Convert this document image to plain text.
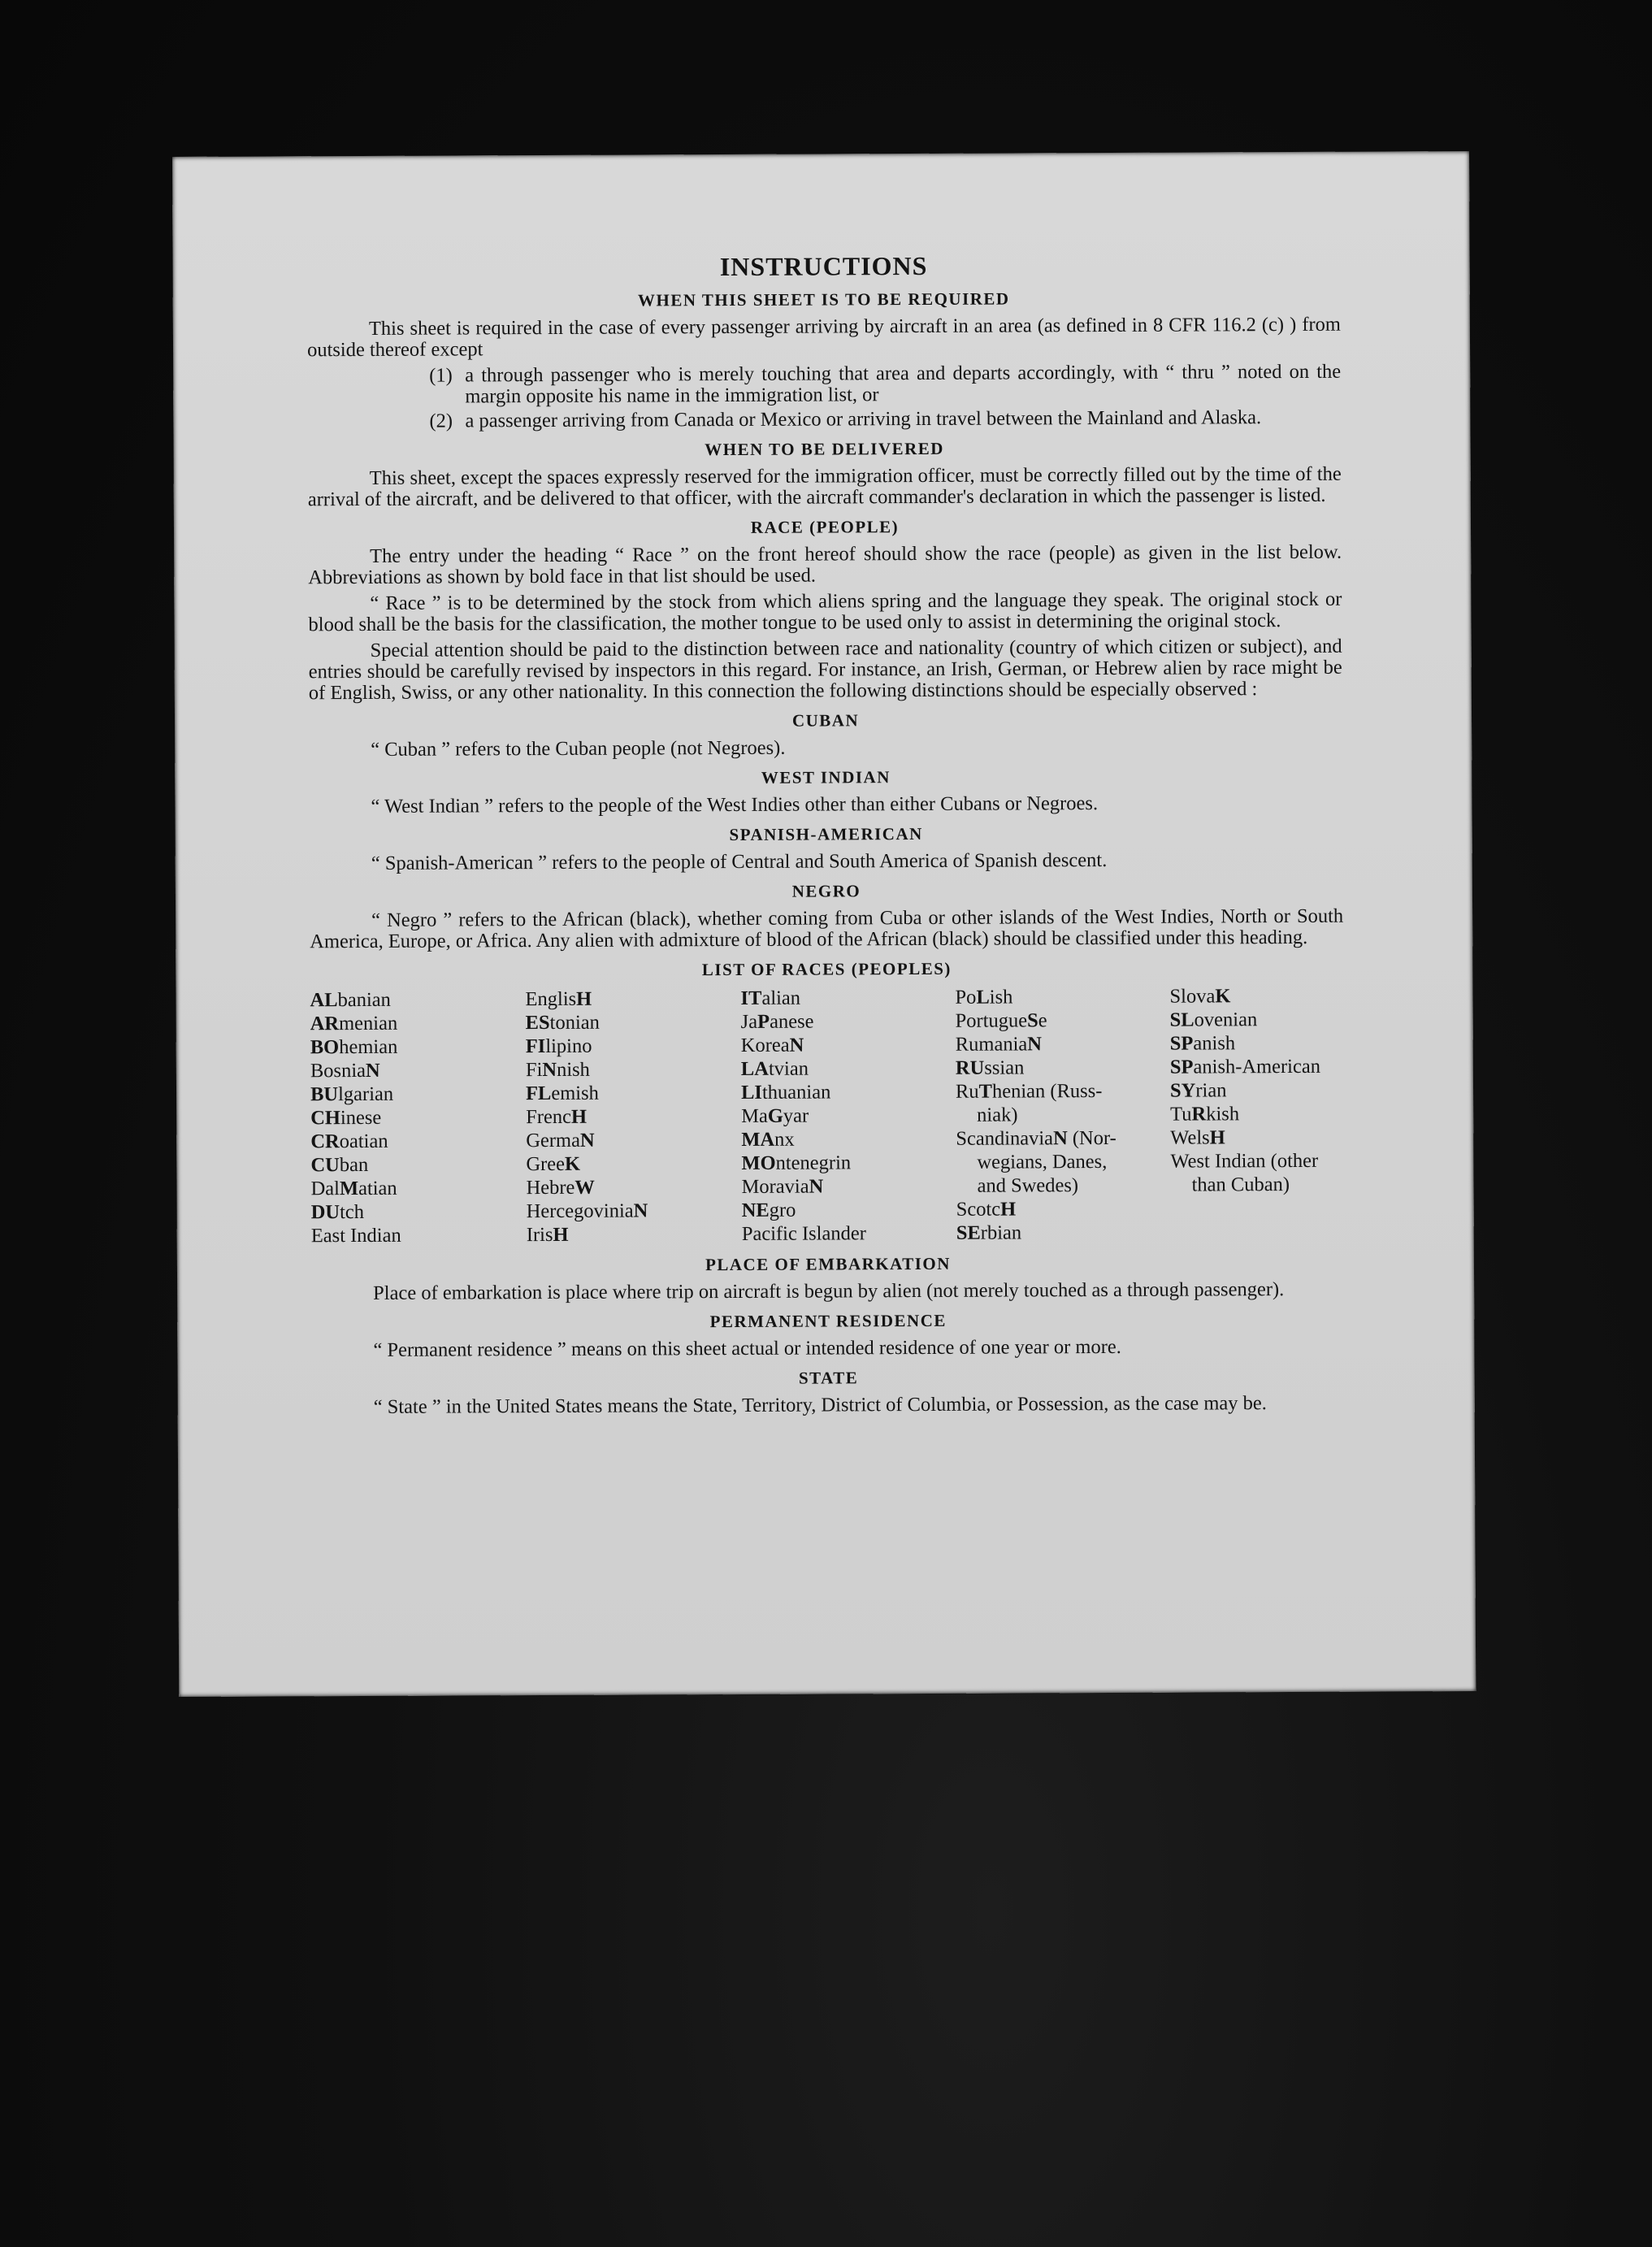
INSTRUCTIONS
WHEN THIS SHEET IS TO BE REQUIRED

This sheet is required in the case of every passenger arriving by aircraft in an area (as defined in 8 CFR 116.2 (c) ) from outside thereof except

(1) a through passenger who is merely touching that area and departs accordingly, with “ thru ” noted on the margin opposite his name in the immigration list, or
(2) a passenger arriving from Canada or Mexico or arriving in travel between the Mainland and Alaska.
WHEN TO BE DELIVERED

This sheet, except the spaces expressly reserved for the immigration officer, must be correctly filled out by the time of the arrival of the aircraft, and be delivered to that officer, with the aircraft commander's declaration in which the passenger is listed.

RACE (PEOPLE)

The entry under the heading “ Race ” on the front hereof should show the race (people) as given in the list below. Abbreviations as shown by bold face in that list should be used.

“ Race ” is to be determined by the stock from which aliens spring and the language they speak. The original stock or blood shall be the basis for the classification, the mother tongue to be used only to assist in determining the original stock.

Special attention should be paid to the distinction between race and nationality (country of which citizen or subject), and entries should be carefully revised by inspectors in this regard. For instance, an Irish, German, or Hebrew alien by race might be of English, Swiss, or any other nationality. In this connection the following distinctions should be especially observed :

CUBAN

“ Cuban ” refers to the Cuban people (not Negroes).

WEST INDIAN

“ West Indian ” refers to the people of the West Indies other than either Cubans or Negroes.

SPANISH-AMERICAN

“ Spanish-American ” refers to the people of Central and South America of Spanish descent.

NEGRO

“ Negro ” refers to the African (black), whether coming from Cuba or other islands of the West Indies, North or South America, Europe, or Africa. Any alien with admixture of blood of the African (black) should be classified under this heading.

LIST OF RACES (PEOPLES)
ALbanian
ARmenian
BOhemian
BosniaN
BUlgarian
CHinese
CRoatian
CUban
DalMatian
DUtch
East Indian
EnglisH
EStonian
FIlipino
FiNnish
FLemish
FrencH
GermaN
GreeK
HebreW
HercegoviniaN
IrisH
ITalian
JaPanese
KoreaN
LAtvian
LIthuanian
MaGyar
MAnx
MOntenegrin
MoraviaN
NEgro
Pacific Islander
PoLish
PortugueSe
RumaniaN
RUssian
RuThenian (Russ-
niak)
ScandinaviaN (Nor-
wegians, Danes,
and Swedes)
ScotcH
SErbian
SlovaK
SLovenian
SPanish
SPanish-American
SYrian
TuRkish
WelsH
West Indian (other
than Cuban)
PLACE OF EMBARKATION

Place of embarkation is place where trip on aircraft is begun by alien (not merely touched as a through passenger).

PERMANENT RESIDENCE

“ Permanent residence ” means on this sheet actual or intended residence of one year or more.

STATE

“ State ” in the United States means the State, Territory, District of Columbia, or Possession, as the case may be.
